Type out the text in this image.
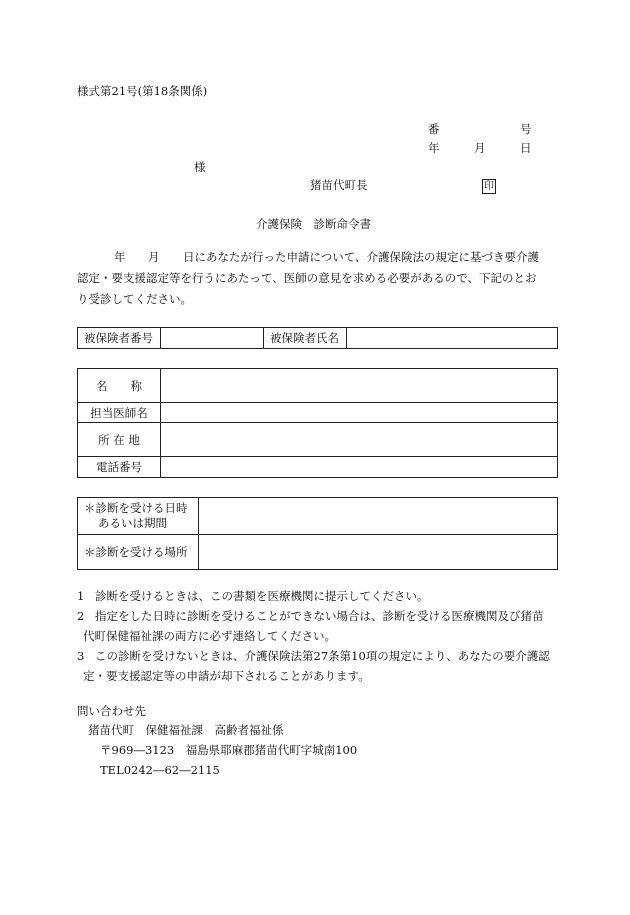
様式第21号(第18条関係)
番	号
年	月	日
様
猪苗代町長	印
介護保険　診断命令書
年 月 日にあなたが行った申請について、介護保険法の規定に基づき要介護
認定・要支援認定等を行うにあたって、医師の意見を求める必要があるので、下記のとお
り受診してください。
被保険者番号		被保険者氏名	
名　　称	
担当医師名	
所 在 地	
電話番号	
＊診断を受ける日時
あるいは期間	

＊診断を受ける場所	
1 診断を受けるときは、この書類を医療機関に提示してください。
2 指定をした日時に診断を受けることができない場合は、診断を受ける医療機関及び猪苗
代町保健福祉課の両方に必ず連絡してください。
3 この診断を受けないときは、介護保険法第27条第10項の規定により、あなたの要介護認
定・要支援認定等の申請が却下されることがあります。
問い合わせ先
猪苗代町　保健福祉課　高齢者福祉係
〒969―3123　福島県耶麻郡猪苗代町字城南100
TEL0242―62―2115
